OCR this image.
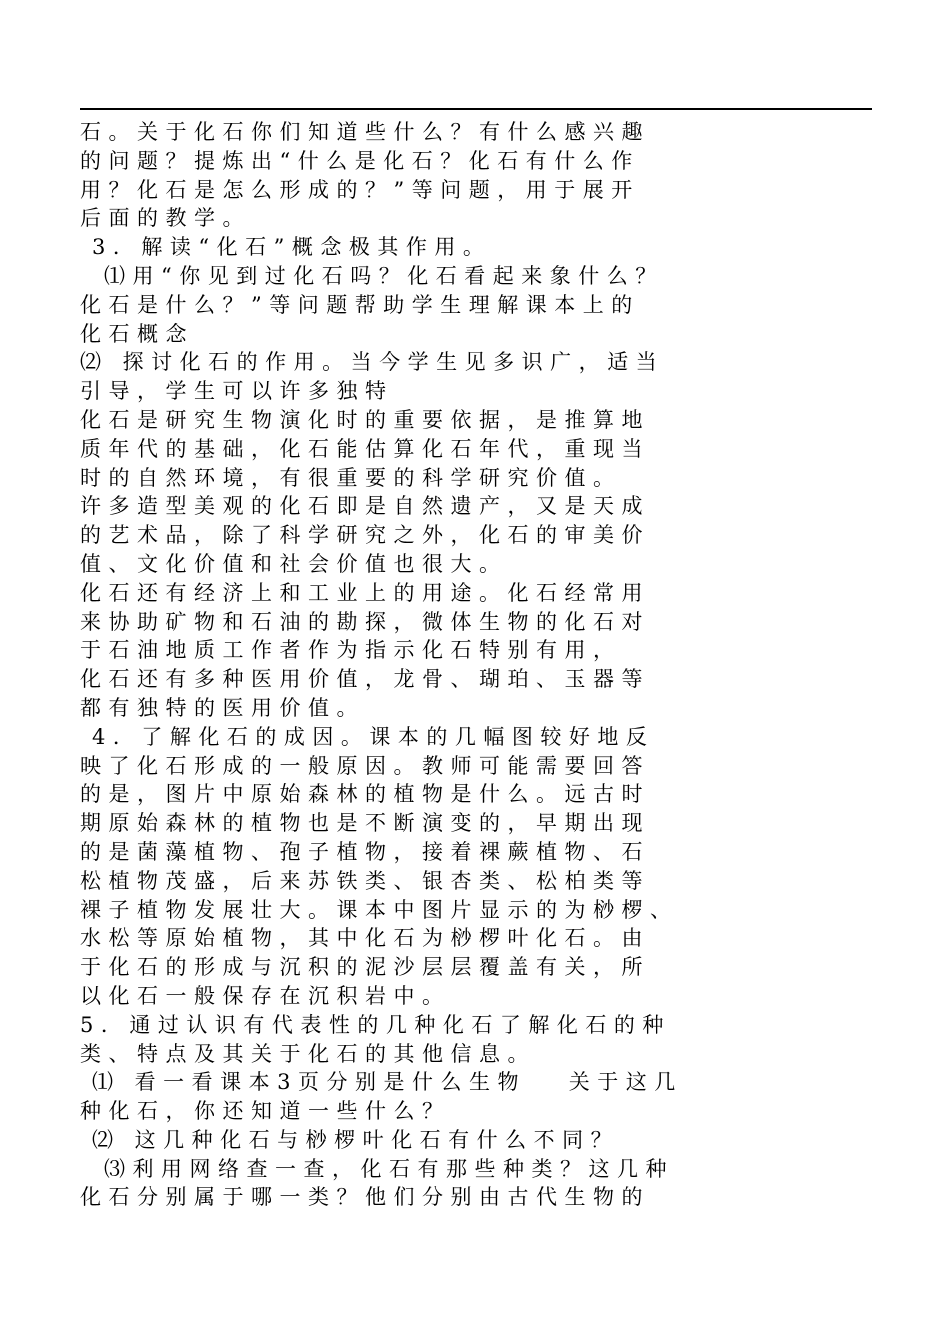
石。关于化石你们知道些什么？有什么感兴趣
的问题？提炼出“什么是化石？化石有什么作
用？化石是怎么形成的？”等问题，用于展开
后面的教学。
3．解读“化石”概念极其作用。
⑴用“你见到过化石吗？化石看起来象什么？
化石是什么？”等问题帮助学生理解课本上的
化石概念
⑵ 探讨化石的作用。当今学生见多识广，适当
引导，学生可以许多独特
化石是研究生物演化时的重要依据，是推算地
质年代的基础，化石能估算化石年代，重现当
时的自然环境，有很重要的科学研究价值。
许多造型美观的化石即是自然遗产，又是天成
的艺术品，除了科学研究之外，化石的审美价
值、文化价值和社会价值也很大。
化石还有经济上和工业上的用途。化石经常用
来协助矿物和石油的勘探，微体生物的化石对
于石油地质工作者作为指示化石特别有用，
化石还有多种医用价值，龙骨、瑚珀、玉器等
都有独特的医用价值。
4．了解化石的成因。课本的几幅图较好地反
映了化石形成的一般原因。教师可能需要回答
的是，图片中原始森林的植物是什么。远古时
期原始森林的植物也是不断演变的，早期出现
的是菌藻植物、孢子植物，接着裸蕨植物、石
松植物茂盛，后来苏铁类、银杏类、松柏类等
裸子植物发展壮大。课本中图片显示的为桫椤、
水松等原始植物，其中化石为桫椤叶化石。由
于化石的形成与沉积的泥沙层层覆盖有关，所
以化石一般保存在沉积岩中。
5．通过认识有代表性的几种化石了解化石的种
类、特点及其关于化石的其他信息。
⑴ 看一看课本3页分别是什么生物　 关于这几
种化石，你还知道一些什么？
⑵ 这几种化石与桫椤叶化石有什么不同？
⑶利用网络查一查，化石有那些种类？这几种
化石分别属于哪一类？他们分别由古代生物的
